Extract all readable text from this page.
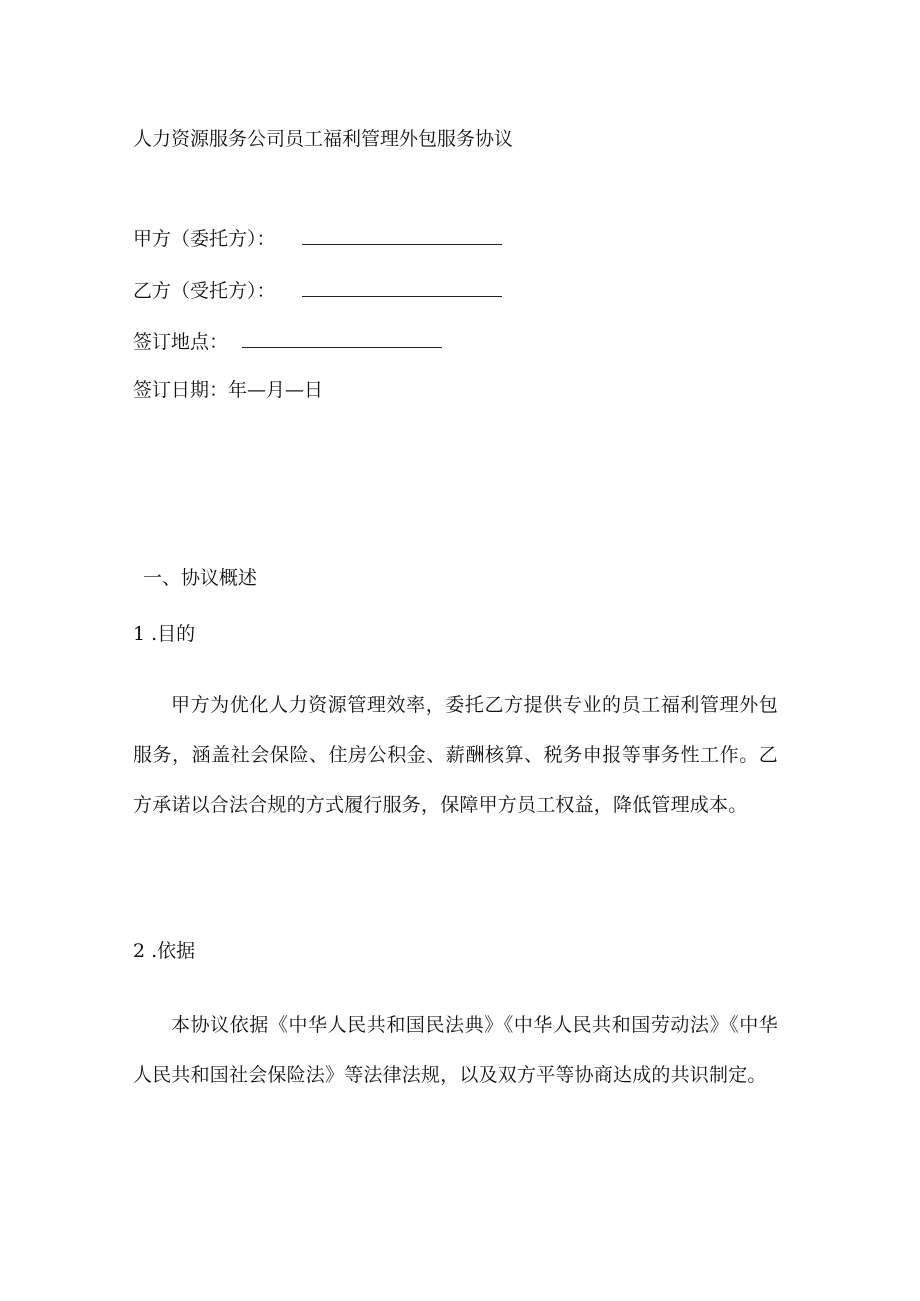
人力资源服务公司员工福利管理外包服务协议
甲方（委托方）：
乙方（受托方）：
签订地点：
签订日期：年—月—日
一、协议概述
1 .目的
甲方为优化人力资源管理效率，委托乙方提供专业的员工福利管理外包服务，涵盖社会保险、住房公积金、薪酬核算、税务申报等事务性工作。乙方承诺以合法合规的方式履行服务，保障甲方员工权益，降低管理成本。
2 .依据
本协议依据《中华人民共和国民法典》《中华人民共和国劳动法》《中华人民共和国社会保险法》等法律法规，以及双方平等协商达成的共识制定。
